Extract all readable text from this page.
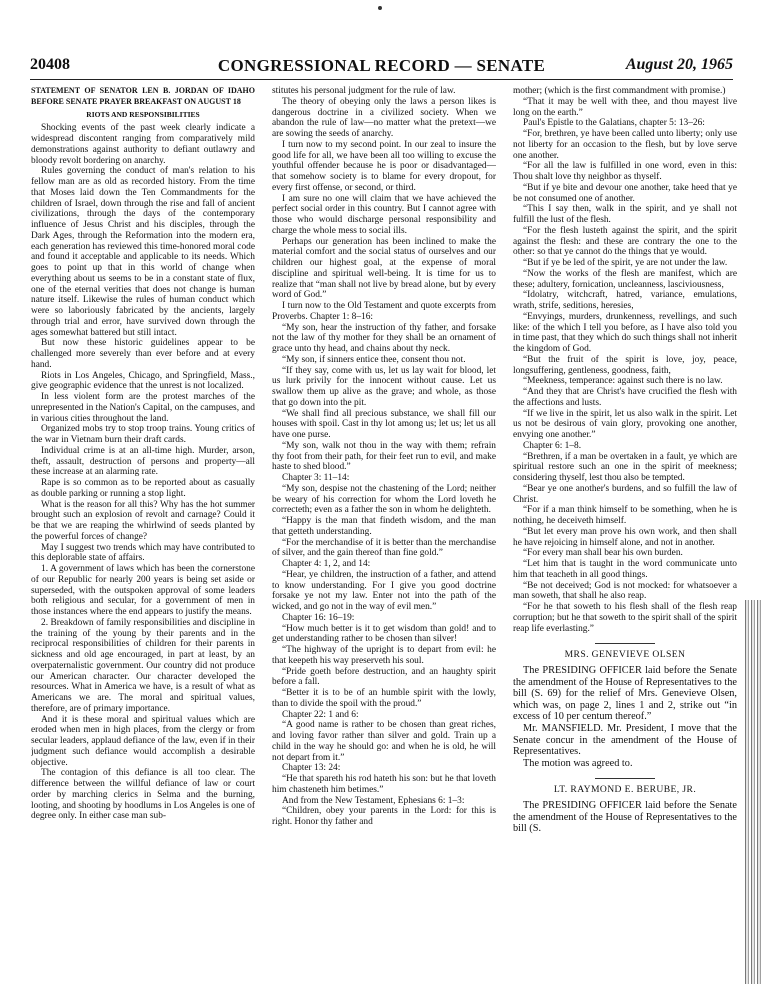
20408	CONGRESSIONAL RECORD — SENATE	August 20, 1965

STATEMENT OF SENATOR LEN B. JORDAN OF IDAHO BEFORE SENATE PRAYER BREAKFAST ON AUGUST 18

RIOTS AND RESPONSIBILITIES

Shocking events of the past week clearly indicate a widespread discontent ranging from comparatively mild demonstrations against authority to defiant outlawry and bloody revolt bordering on anarchy.

Rules governing the conduct of man's relation to his fellow man are as old as recorded history. From the time that Moses laid down the Ten Commandments for the children of Israel, down through the rise and fall of ancient civilizations, through the days of the contemporary influence of Jesus Christ and his disciples, through the Dark Ages, through the Reformation into the modern era, each generation has reviewed this time-honored moral code and found it acceptable and applicable to its needs. Which goes to point up that in this world of change when everything about us seems to be in a constant state of flux, one of the eternal verities that does not change is human nature itself. Likewise the rules of human conduct which were so laboriously fabricated by the ancients, largely through trial and error, have survived down through the ages somewhat battered but still intact.

But now these historic guidelines appear to be challenged more severely than ever before and at every hand.

Riots in Los Angeles, Chicago, and Springfield, Mass., give geographic evidence that the unrest is not localized.

In less violent form are the protest marches of the unrepresented in the Nation's Capital, on the campuses, and in various cities throughout the land.

Organized mobs try to stop troop trains. Young critics of the war in Vietnam burn their draft cards.

Individual crime is at an all-time high. Murder, arson, theft, assault, destruction of persons and property—all these increase at an alarming rate.

Rape is so common as to be reported about as casually as double parking or running a stop light.

What is the reason for all this? Why has the hot summer brought such an explosion of revolt and carnage? Could it be that we are reaping the whirlwind of seeds planted by the powerful forces of change?

May I suggest two trends which may have contributed to this deplorable state of affairs.

1. A government of laws which has been the cornerstone of our Republic for nearly 200 years is being set aside or superseded, with the outspoken approval of some leaders both religious and secular, for a government of men in those instances where the end appears to justify the means.

2. Breakdown of family responsibilities and discipline in the training of the young by their parents and in the reciprocal responsibilities of children for their parents in sickness and old age encouraged, in part at least, by an overpaternalistic government. Our country did not produce our American character. Our character developed the resources. What in America we have, is a result of what as Americans we are. The moral and spiritual values, therefore, are of primary importance.

And it is these moral and spiritual values which are eroded when men in high places, from the clergy or from secular leaders, applaud defiance of the law, even if in their judgment such defiance would accomplish a desirable objective.

The contagion of this defiance is all too clear. The difference between the willful defiance of law or court order by marching clerics in Selma and the burning, looting, and shooting by hoodlums in Los Angeles is one of degree only. In either case man sub-

stitutes his personal judgment for the rule of law.

The theory of obeying only the laws a person likes is dangerous doctrine in a civilized society. When we abandon the rule of law—no matter what the pretext—we are sowing the seeds of anarchy.

I turn now to my second point. In our zeal to insure the good life for all, we have been all too willing to excuse the youthful offender because he is poor or disadvantaged—that somehow society is to blame for every dropout, for every first offense, or second, or third.

I am sure no one will claim that we have achieved the perfect social order in this country. But I cannot agree with those who would discharge personal responsibility and charge the whole mess to social ills.

Perhaps our generation has been inclined to make the material comfort and the social status of ourselves and our children our highest goal, at the expense of moral discipline and spiritual well-being. It is time for us to realize that “man shall not live by bread alone, but by every word of God.”

I turn now to the Old Testament and quote excerpts from Proverbs. Chapter 1: 8–16:

“My son, hear the instruction of thy father, and forsake not the law of thy mother for they shall be an ornament of grace unto thy head, and chains about thy neck.

“My son, if sinners entice thee, consent thou not.

“If they say, come with us, let us lay wait for blood, let us lurk privily for the innocent without cause. Let us swallow them up alive as the grave; and whole, as those that go down into the pit.

“We shall find all precious substance, we shall fill our houses with spoil. Cast in thy lot among us; let us; let us all have one purse.

“My son, walk not thou in the way with them; refrain thy foot from their path, for their feet run to evil, and make haste to shed blood.”

Chapter 3: 11–14:

“My son, despise not the chastening of the Lord; neither be weary of his correction for whom the Lord loveth he correcteth; even as a father the son in whom he delighteth.

“Happy is the man that findeth wisdom, and the man that getteth understanding.

“For the merchandise of it is better than the merchandise of silver, and the gain thereof than fine gold.”

Chapter 4: 1, 2, and 14:

“Hear, ye children, the instruction of a father, and attend to know understanding. For I give you good doctrine forsake ye not my law. Enter not into the path of the wicked, and go not in the way of evil men.”

Chapter 16: 16–19:

“How much better is it to get wisdom than gold! and to get understanding rather to be chosen than silver!

“The highway of the upright is to depart from evil: he that keepeth his way preserveth his soul.

“Pride goeth before destruction, and an haughty spirit before a fall.

“Better it is to be of an humble spirit with the lowly, than to divide the spoil with the proud.”

Chapter 22: 1 and 6:

“A good name is rather to be chosen than great riches, and loving favor rather than silver and gold. Train up a child in the way he should go: and when he is old, he will not depart from it.”

Chapter 13: 24:

“He that spareth his rod hateth his son: but he that loveth him chasteneth him betimes.”

And from the New Testament, Ephesians 6: 1–3:

“Children, obey your parents in the Lord: for this is right. Honor thy father and

mother; (which is the first commandment with promise.)

“That it may be well with thee, and thou mayest live long on the earth.”

Paul's Epistle to the Galatians, chapter 5: 13–26:

“For, brethren, ye have been called unto liberty; only use not liberty for an occasion to the flesh, but by love serve one another.

“For all the law is fulfilled in one word, even in this: Thou shalt love thy neighbor as thyself.

“But if ye bite and devour one another, take heed that ye be not consumed one of another.

“This I say then, walk in the spirit, and ye shall not fulfill the lust of the flesh.

“For the flesh lusteth against the spirit, and the spirit against the flesh: and these are contrary the one to the other: so that ye cannot do the things that ye would.

“But if ye be led of the spirit, ye are not under the law.

“Now the works of the flesh are manifest, which are these; adultery, fornication, uncleanness, lasciviousness,

“Idolatry, witchcraft, hatred, variance, emulations, wrath, strife, seditions, heresies,

“Envyings, murders, drunkenness, revellings, and such like: of the which I tell you before, as I have also told you in time past, that they which do such things shall not inherit the kingdom of God.

“But the fruit of the spirit is love, joy, peace, longsuffering, gentleness, goodness, faith,

“Meekness, temperance: against such there is no law.

“And they that are Christ's have crucified the flesh with the affections and lusts.

“If we live in the spirit, let us also walk in the spirit. Let us not be desirous of vain glory, provoking one another, envying one another.”

Chapter 6: 1–8.

“Brethren, if a man be overtaken in a fault, ye which are spiritual restore such an one in the spirit of meekness; considering thyself, lest thou also be tempted.

“Bear ye one another's burdens, and so fulfill the law of Christ.

“For if a man think himself to be something, when he is nothing, he deceiveth himself.

“But let every man prove his own work, and then shall he have rejoicing in himself alone, and not in another.

“For every man shall bear his own burden.

“Let him that is taught in the word communicate unto him that teacheth in all good things.

“Be not deceived; God is not mocked: for whatsoever a man soweth, that shall he also reap.

“For he that soweth to his flesh shall of the flesh reap corruption; but he that soweth to the spirit shall of the spirit reap life everlasting.”

MRS. GENEVIEVE OLSEN

The PRESIDING OFFICER laid before the Senate the amendment of the House of Representatives to the bill (S. 69) for the relief of Mrs. Genevieve Olsen, which was, on page 2, lines 1 and 2, strike out “in excess of 10 per centum thereof.”

Mr. MANSFIELD. Mr. President, I move that the Senate concur in the amendment of the House of Representatives.

The motion was agreed to.

LT. RAYMOND E. BERUBE, JR.

The PRESIDING OFFICER laid before the Senate the amendment of the House of Representatives to the bill (S.
